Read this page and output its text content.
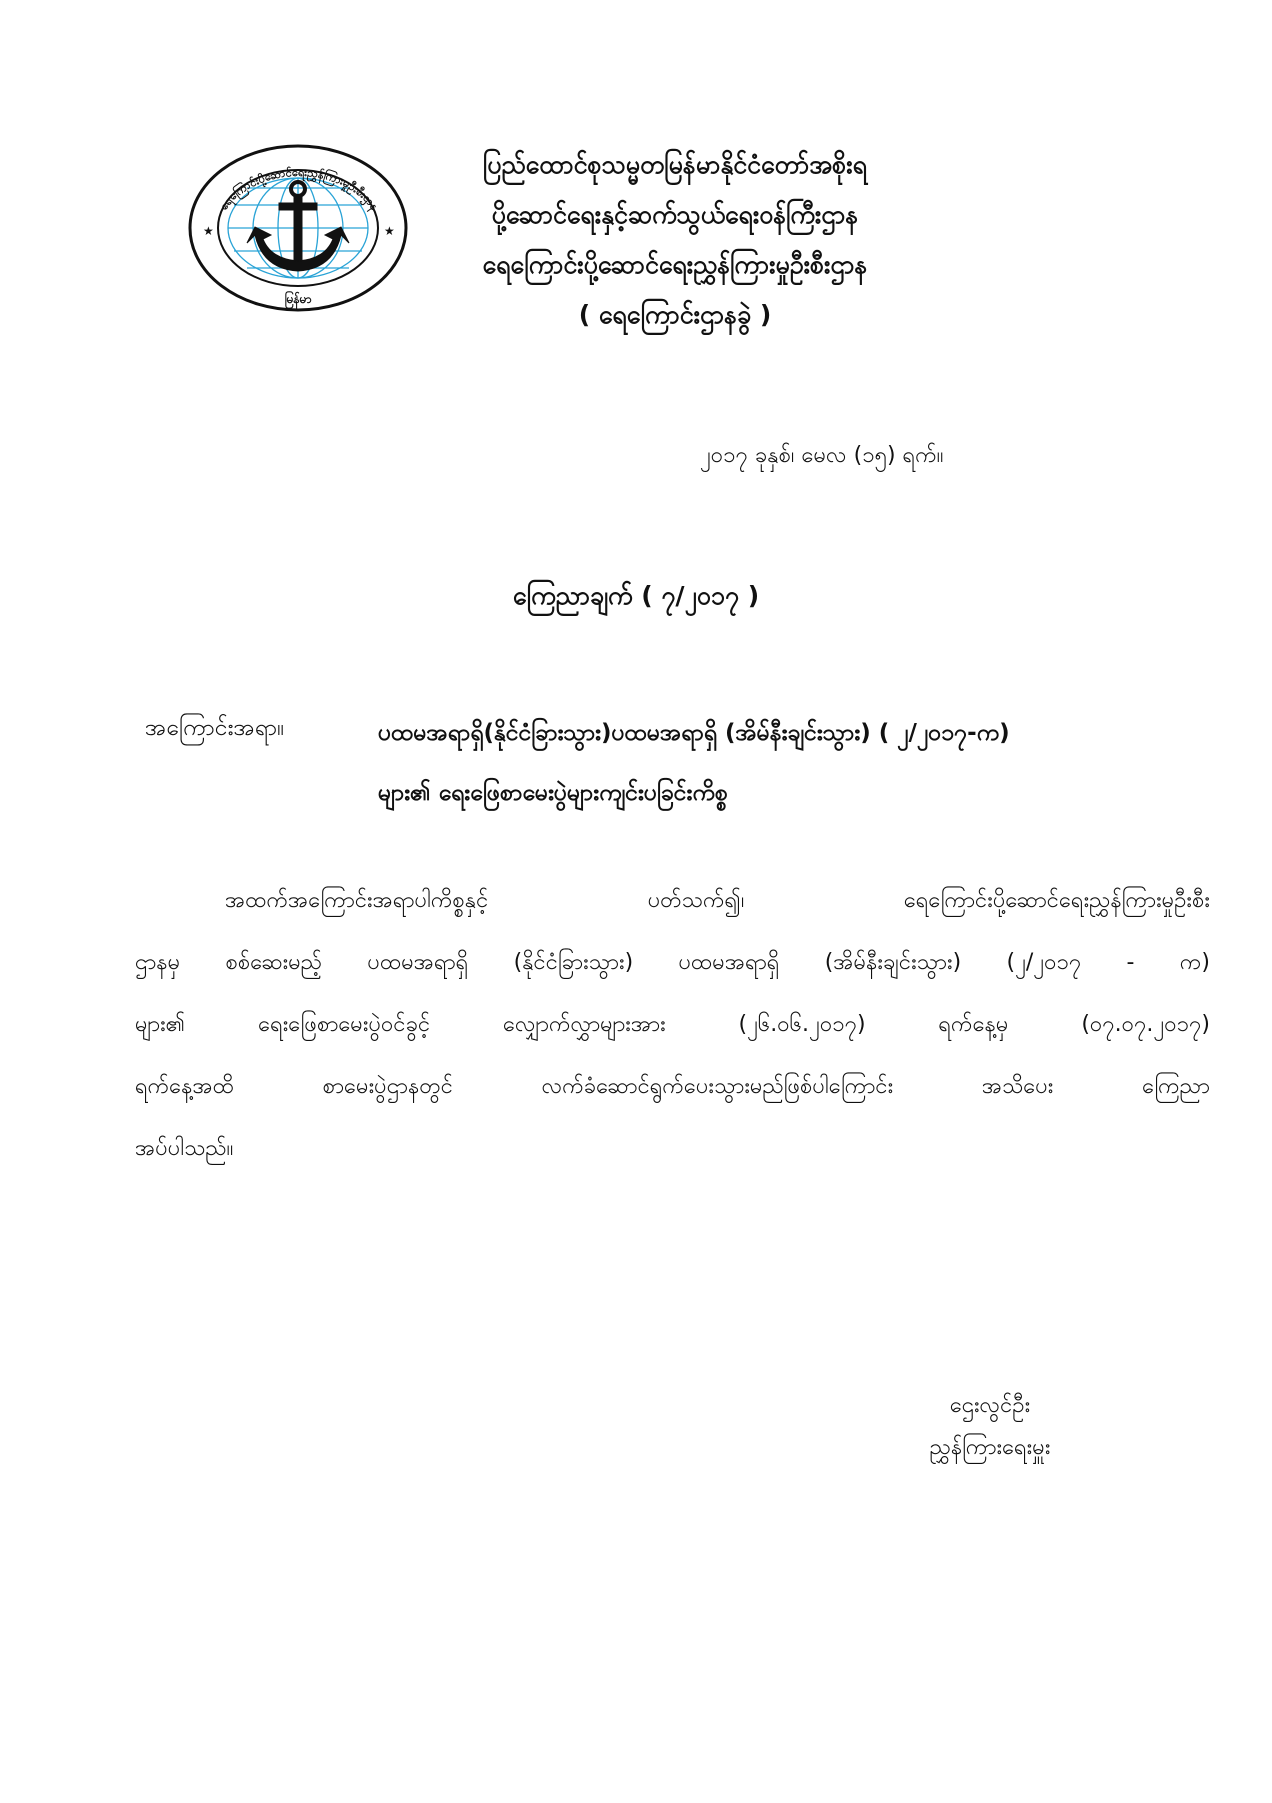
★	★
ရေကြောင်းပို့ဆောင်ရေးညွှန်ကြားမှုဦးစီးဌာန
မြန်မာ
ပြည်ထောင်စုသမ္မတမြန်မာနိုင်ငံတော်အစိုးရ
ပို့ဆောင်ရေးနှင့်ဆက်သွယ်ရေးဝန်ကြီးဌာန
ရေကြောင်းပို့ဆောင်ရေးညွှန်ကြားမှုဦးစီးဌာန
( ရေကြောင်းဌာနခွဲ )
၂၀၁၇ ခုနှစ်၊ မေလ (၁၅) ရက်။
ကြေညာချက် ( ၇/၂၀၁၇ )
အကြောင်းအရာ။	ပထမအရာရှိ(နိုင်ငံခြားသွား)ပထမအရာရှိ (အိမ်နီးချင်းသွား) ( ၂/၂၀၁၇-က)
များ၏ ရေးဖြေစာမေးပွဲများကျင်းပခြင်းကိစ္စ
အထက်အကြောင်းအရာပါကိစ္စနှင့်	ပတ်သက်၍၊	ရေကြောင်းပို့ဆောင်ရေးညွှန်ကြားမှုဦးစီး
ဌာနမှ စစ်ဆေးမည့် ပထမအရာရှိ (နိုင်ငံခြားသွား) ပထမအရာရှိ (အိမ်နီးချင်းသွား) (၂/၂၀၁၇ - က)
များ၏	ရေးဖြေစာမေးပွဲဝင်ခွင့်	လျှောက်လွှာများအား	(၂၆.၀၆.၂၀၁၇)	ရက်နေ့မှ	(၀၇.၀၇.၂၀၁၇)
ရက်နေ့အထိ	စာမေးပွဲဌာနတွင်	လက်ခံဆောင်ရွက်ပေးသွားမည်ဖြစ်ပါကြောင်း	အသိပေး	ကြေညာ
အပ်ပါသည်။
ဌေးလွင်ဦး
ညွှန်ကြားရေးမှူး
